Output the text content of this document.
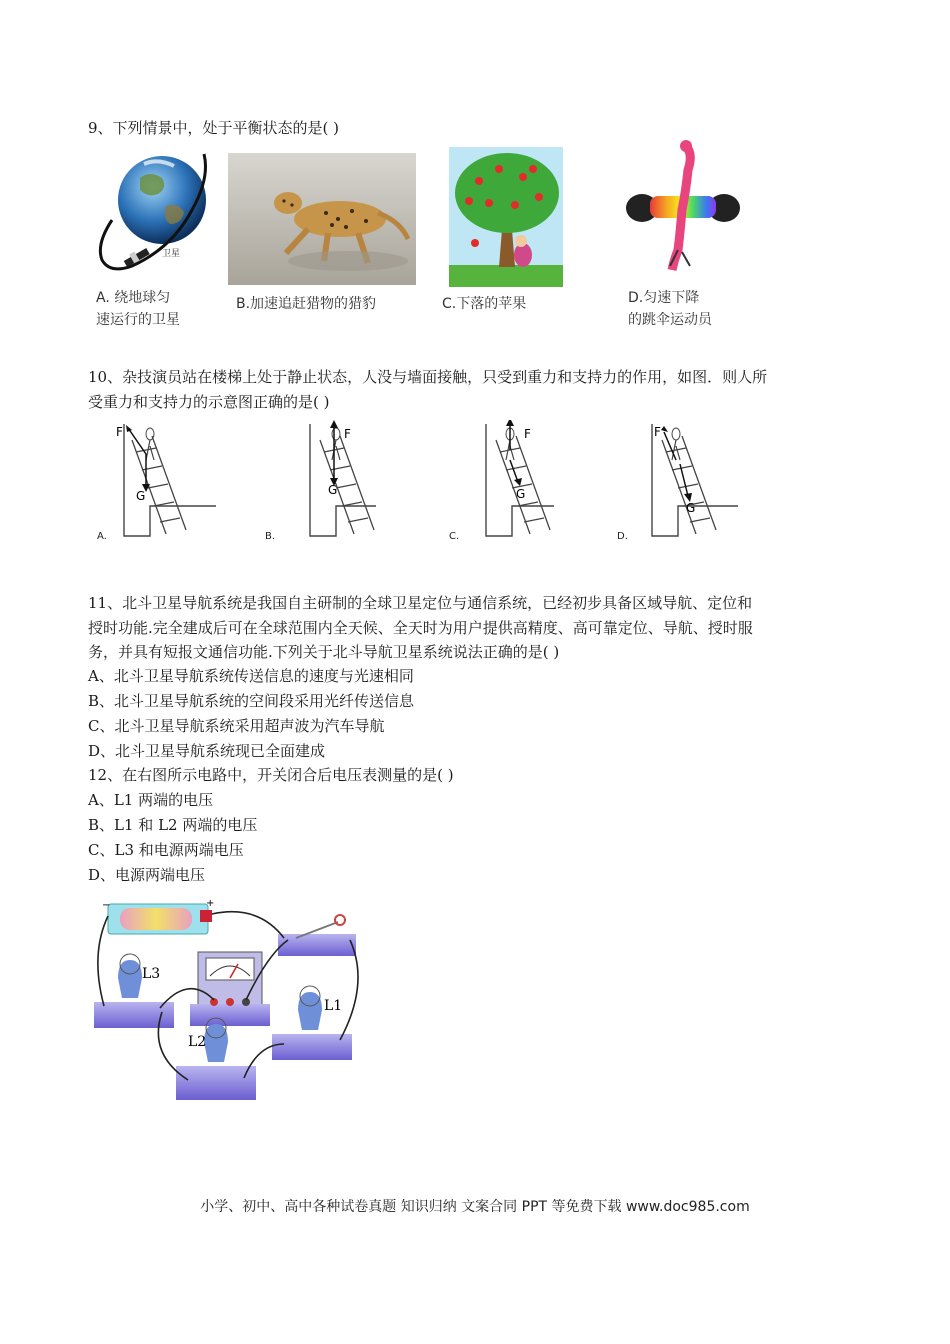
9、下列情景中，处于平衡状态的是( )
卫星
A. 绕地球匀
速运行的卫星
B.加速追赶猎物的猎豹	C.下落的苹果	D.匀速下降
的跳伞运动员
10、杂技演员站在楼梯上处于静止状态，人没与墙面接触，只受到重力和支持力的作用，如图．则人所
受重力和支持力的示意图正确的是( )
F
G
A.
F
G
B.
F
G
C.
F
G
D.
11、北斗卫星导航系统是我国自主研制的全球卫星定位与通信系统，已经初步具备区域导航、定位和
授时功能.完全建成后可在全球范围内全天候、全天时为用户提供高精度、高可靠定位、导航、授时服
务，并具有短报文通信功能.下列关于北斗导航卫星系统说法正确的是( )
A、北斗卫星导航系统传送信息的速度与光速相同
B、北斗卫星导航系统的空间段采用光纤传送信息
C、北斗卫星导航系统采用超声波为汽车导航
D、北斗卫星导航系统现已全面建成
12、在右图所示电路中，开关闭合后电压表测量的是( )
A、L1 两端的电压
B、L1 和 L2 两端的电压
C、L3 和电源两端电压
D、电源两端电压
−	+
L3
L1
L2
小学、初中、高中各种试卷真题 知识归纳 文案合同 PPT 等免费下载 www.doc985.com
